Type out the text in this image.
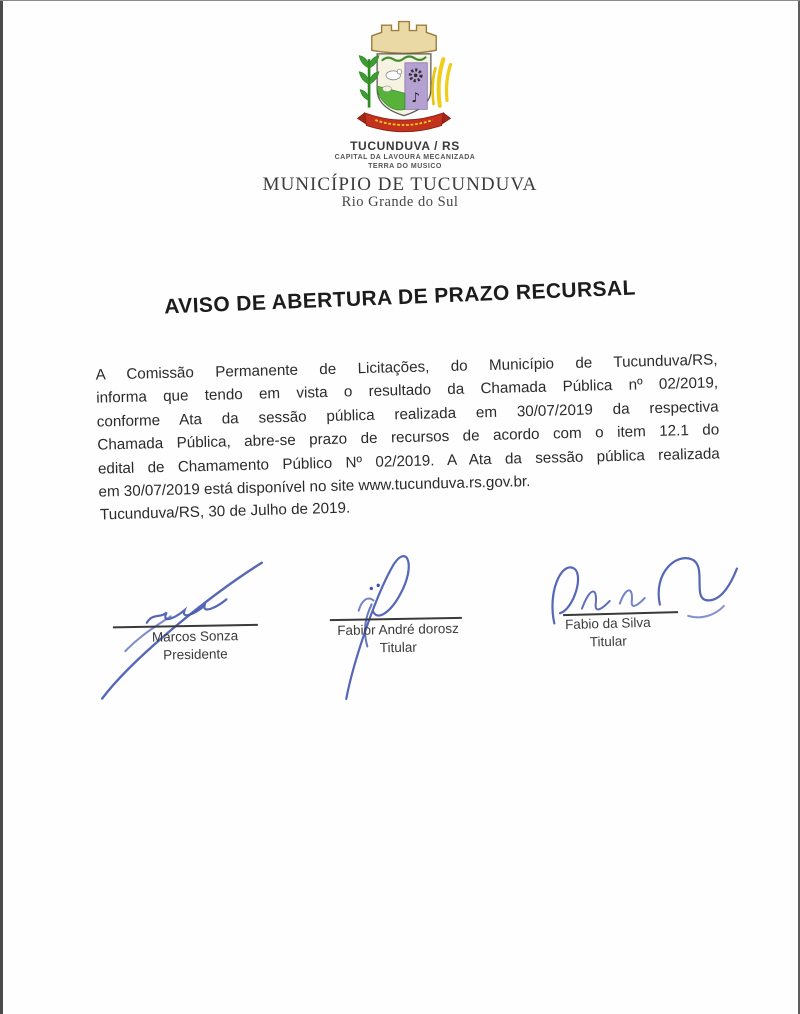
♪
TUCUNDUVA / RS
CAPITAL DA LAVOURA MECANIZADA
TERRA DO MUSICO
MUNICÍPIO DE TUCUNDUVA
Rio Grande do Sul
AVISO DE ABERTURA DE PRAZO RECURSAL
A Comissão Permanente de Licitações, do Município de Tucunduva/RS,
informa que tendo em vista o resultado da Chamada Pública nº 02/2019,
conforme Ata da sessão pública realizada em 30/07/2019 da respectiva
Chamada Pública, abre-se prazo de recursos de acordo com o item 12.1 do
edital de Chamamento Público Nº 02/2019. A Ata da sessão pública realizada
em 30/07/2019 está disponível no site www.tucunduva.rs.gov.br.
Tucunduva/RS, 30 de Julho de 2019.
Marcos Sonza
Presidente
Fabior André dorosz
Titular
Fabio da Silva
Titular
